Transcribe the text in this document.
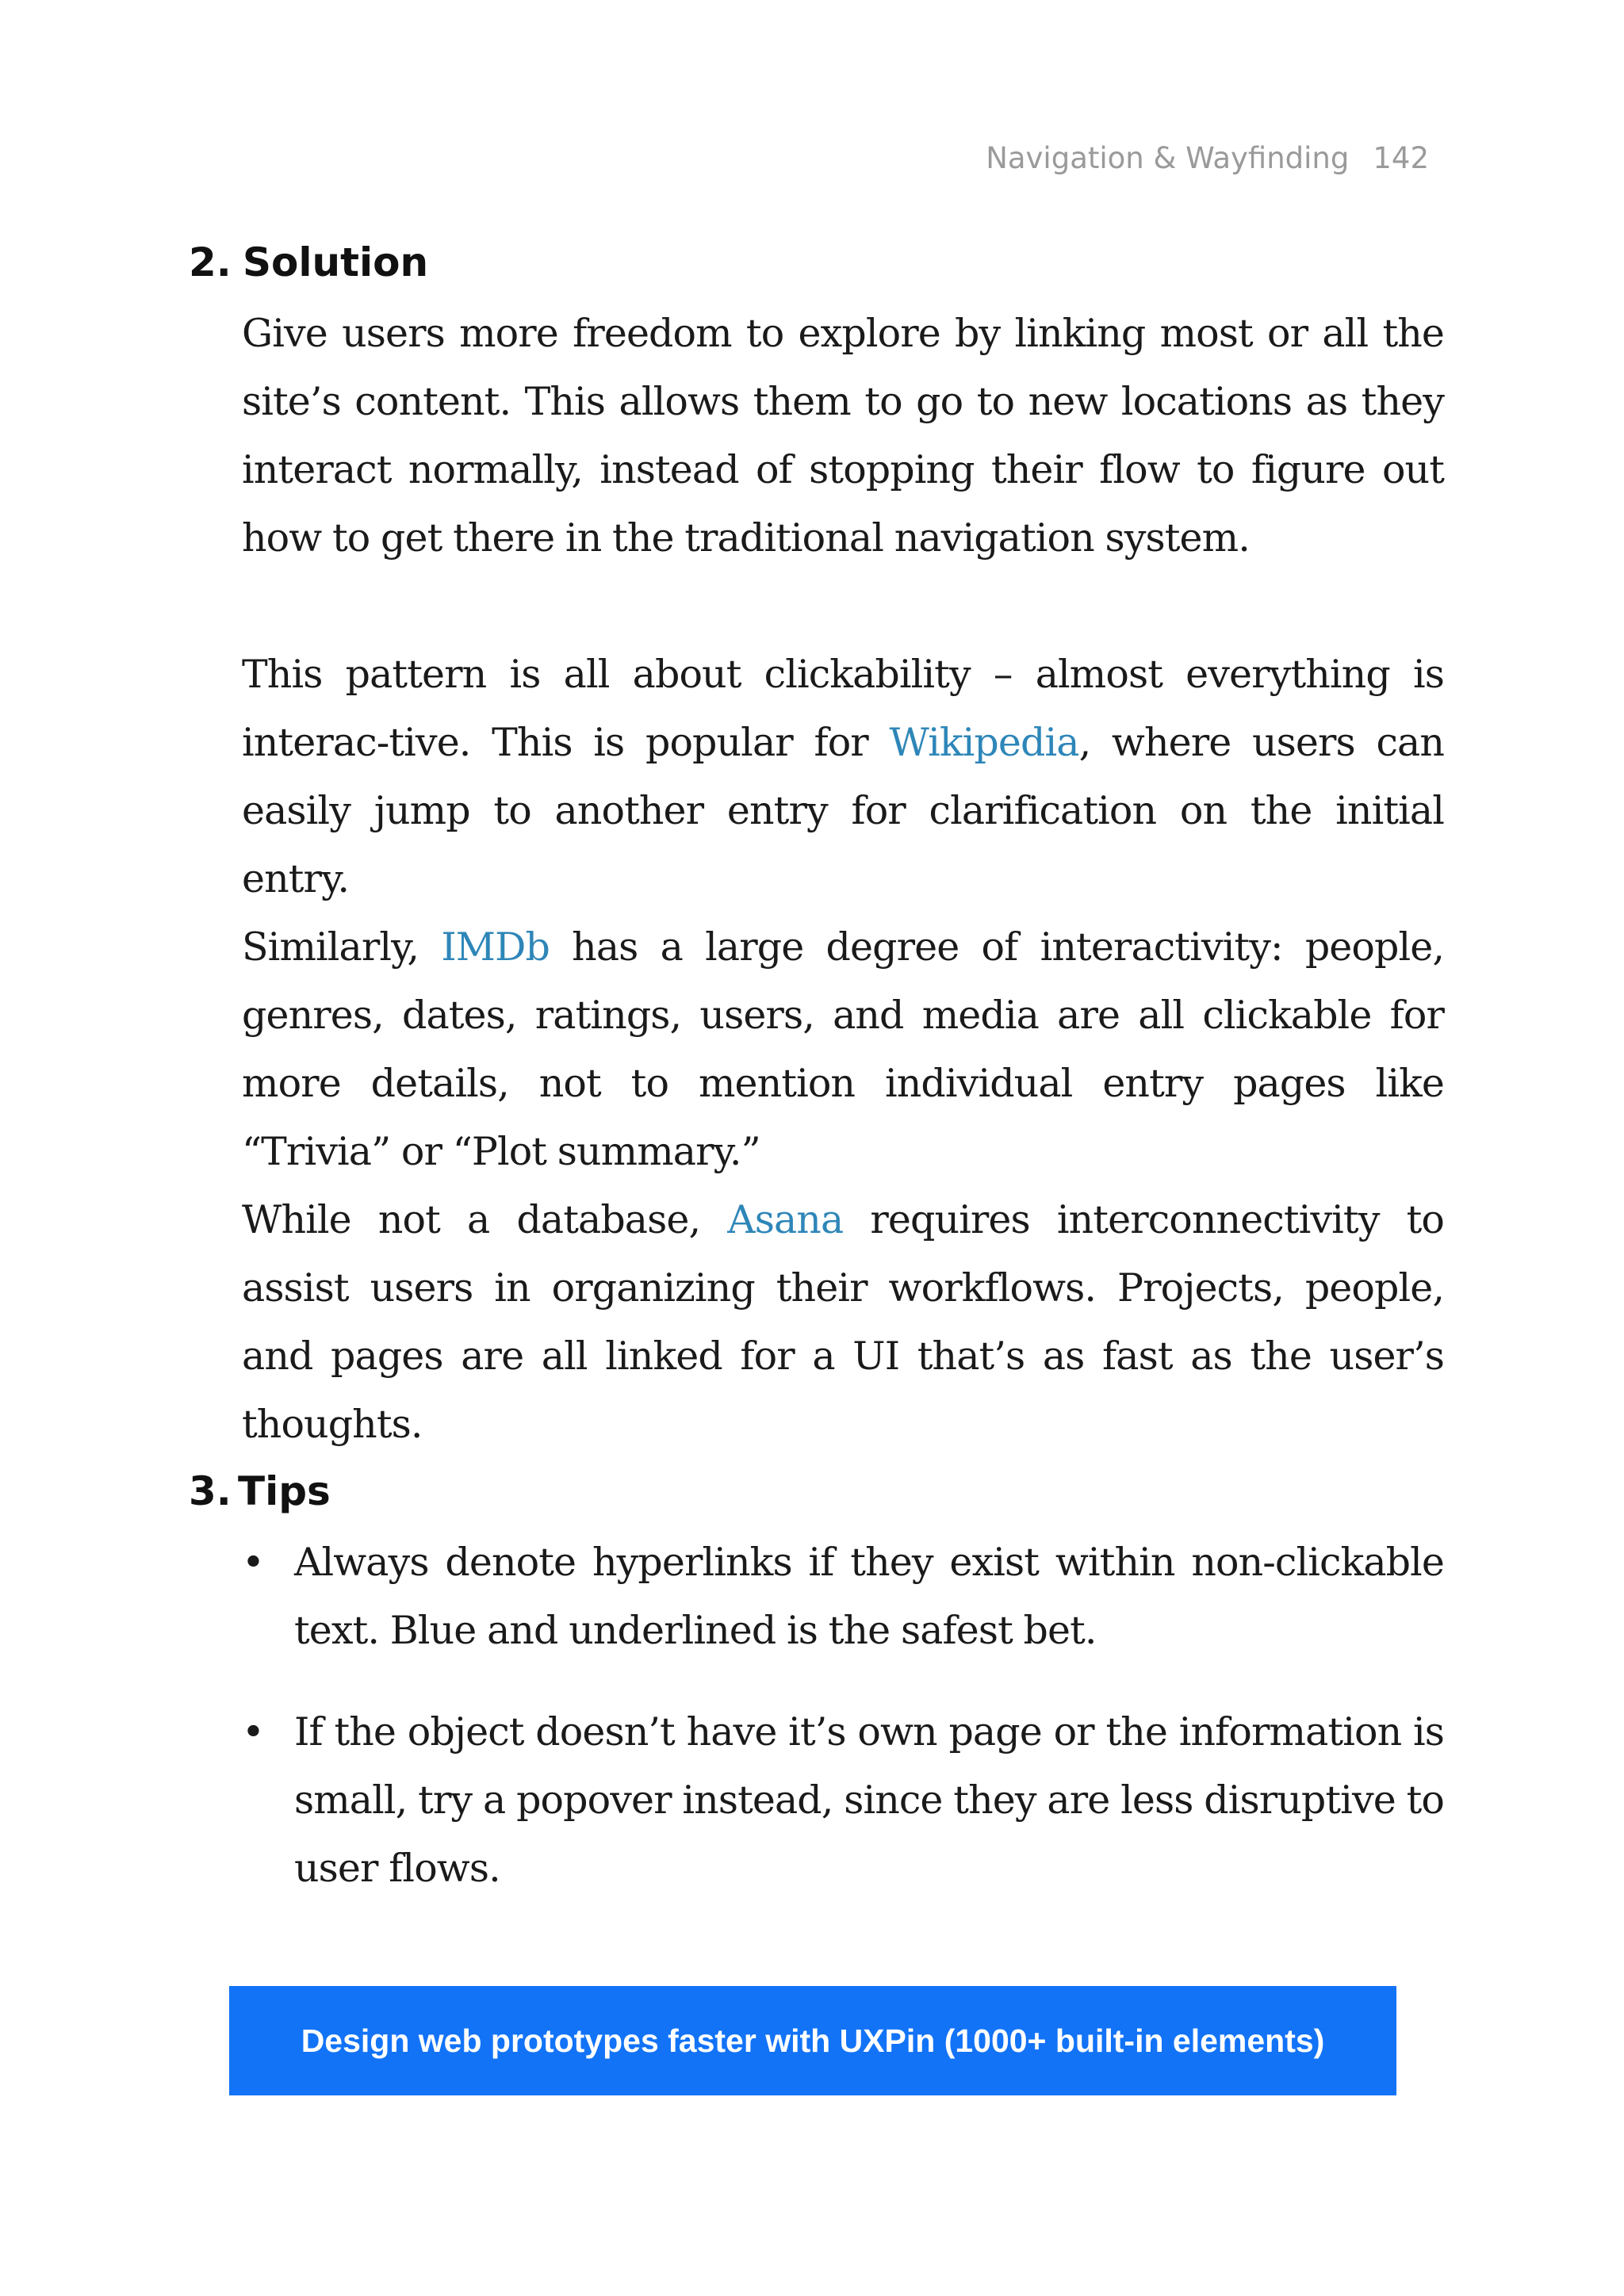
Navigation & Wayfinding 142
2. Solution

Give users more freedom to explore by linking most or all the site’s content. This allows them to go to new locations as they interact normally, instead of stopping their flow to figure out how to get there in the traditional navigation system.

This pattern is all about clickability – almost everything is interac-tive. This is popular for Wikipedia, where users can easily jump to another entry for clarification on the initial entry.

Similarly, IMDb has a large degree of interactivity: people, genres, dates, ratings, users, and media are all clickable for more details, not to mention individual entry pages like “Trivia” or “Plot summary.”

While not a database, Asana requires interconnectivity to assist users in organizing their workflows. Projects, people, and pages are all linked for a UI that’s as fast as the user’s thoughts.

3. Tips
• Always denote hyperlinks if they exist within non-clickable text. Blue and underlined is the safest bet.
• If the object doesn’t have it’s own page or the information is small, try a popover instead, since they are less disruptive to user flows.
Design web prototypes faster with UXPin (1000+ built-in elements)
